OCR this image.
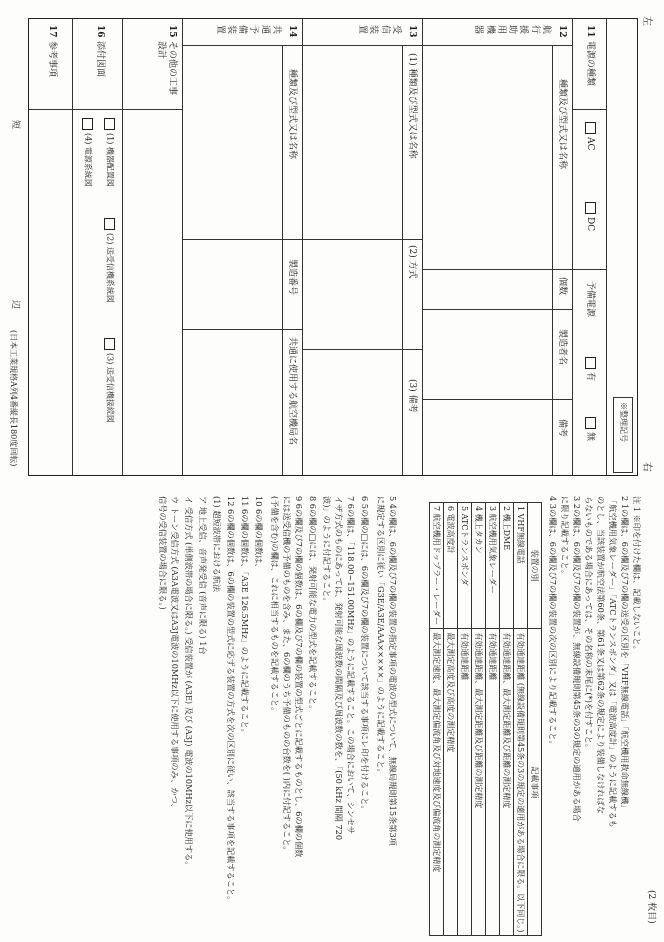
左
右
(2 枚目)
※整理記号
11
電源の種類
AC
DC
予備電源
有
無
12
航行援助用機器
種類及び型式又は名称
個数
製造者名
備考
13
受信装置
(1) 種類及び型式又は名称
(2) 方式
(3) 備考
14
共通予備装置
種類及び型式又は名称
製造番号
共通に使用する航空機局名
15
その他の工事設計
16
添付図面
(1) 機器配置図
(2) 送受信機系統図
(3) 送受信機接続図
(4) 電源系統図
17
参考事項
短
辺
(日本工業規格A列4番縦長180度回転)
注 1 ※印を付けた欄は、記載しないこと。
2 1の欄は、6の欄及び7の欄の送受の区別を「VHF無線電話」「航空機用救命無線機」
「航空機用気象レーダー」「ATCトランスポンダ」又は「電波高度計」のように記載するも
のとし、当該装置が航空法第60条、第61条又は第62条の規定により装備しなければな
らないものである場合にあっては、その名称の末尾に(*)を付すこと。
3 2の欄は、6の欄及び7の欄の装置が、無線設備規則第45条の3の規定の適用がある場合
に限り記載すること。
4 3の欄は、6の欄及び7の欄の装置の次の区別により記載すること。
装置の別	記載事項
1 VHF無線電話	有効通達距離 (無線設備規則第45条の3の規定の適用がある場合に限る。以下同じ。)
2 機上DME	有効通達距離、最大測定距離及び距離の測定精度
3 航空機用気象レーダー	有効通達距離
4 機上タカン	有効通達距離、最大測定距離及び距離の測定精度
5 ATCトランスポンダ	有効通達距離
6 電波高度計	最大測定高度及び高度の測定精度
7 航空機用ドップラー・レーダー	最大測定速度、最大測定偏流角及び対地速度及び偏流角の測定精度
5 4の欄は、6の欄及び7の欄の装置の指定事項の電波の型式について、無線局規則第15条第3項
に規定する区別に従い「G3E/A3E/ΑΑΑ×××××」のように記載すること。
6 5の欄の□には、6の欄及び7の欄の装置について該当する事項にレ印を付けること。
7 6の欄は、「118.00~151.00MHz」のように記載すること。この場合において、シンセサ
イザ方式のものにあっては、発射可能な周波数の間隔及び周波数の数を、「(50 kHz 間隔 720
波)」のように付記すること。
8 6の欄の□には、発射可能な電力の型式を記載すること。
9 6の欄及び7の欄の個数は、6の欄及び7の欄の装置の型式ごとに記載するものとし、6の欄の個数
には送受信機の予備のものを含み、また、6の欄のうち予備のものの台数を( )内に付記すること。
(予備を含む)の欄は、これに相当するものを記載すること。
10 6の欄の個数は、
11 6の欄の個数は、「A3E 126.5MHz」のように記載すること。
12 6の欄の個数は、6の欄の装置の型式に応ずる装置の方式を次の区別に従い、該当する事項を記載すること。
(1) 超短波帯における航法
ア 地上受信、音声発受信 (音声に限る) 1台
イ 受信方式 (単側波帯の場合に限る。) 受信装置が (A3E) 及び (A3J) 電波の10MHz以下に使用する。
ウ トーン受信方式 (A3A電波又はA3J電波の10MHz以下に使用する事項のみ、かつ、
信号の受信装置の場合に限る。)
